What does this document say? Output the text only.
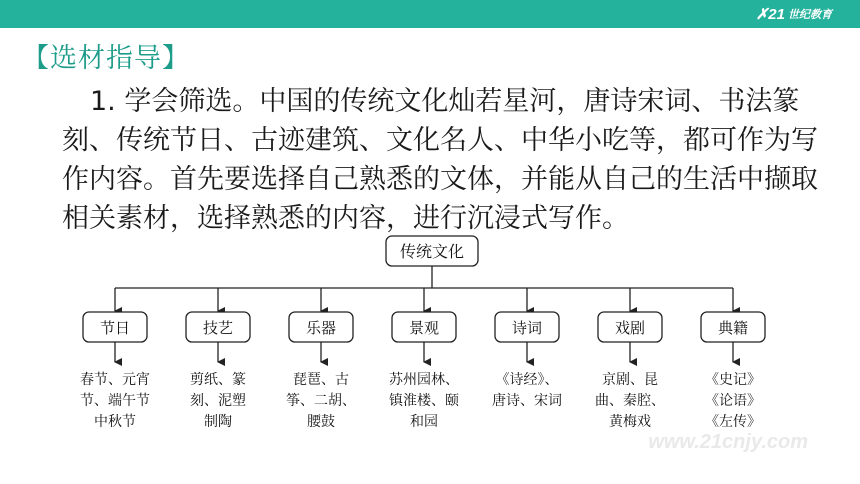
✗21 世纪教育
【选材指导】

1. 学会筛选。中国的传统文化灿若星河，唐诗宋词、书法篆刻、传统节日、古迹建筑、文化名人、中华小吃等，都可作为写作内容。首先要选择自己熟悉的文体，并能从自己的生活中撷取相关素材，选择熟悉的内容，进行沉浸式写作。

传统文化
节日
春节、元宵
节、端午节
中秋节
技艺
剪纸、篆
刻、泥塑
制陶
乐器
琵琶、古
筝、二胡、
腰鼓
景观
苏州园林、
镇淮楼、颐
和园
诗词
《诗经》、
唐诗、宋词
戏剧
京剧、昆
曲、秦腔、
黄梅戏
典籍
《史记》
《论语》
《左传》
www.21cnjy.com
